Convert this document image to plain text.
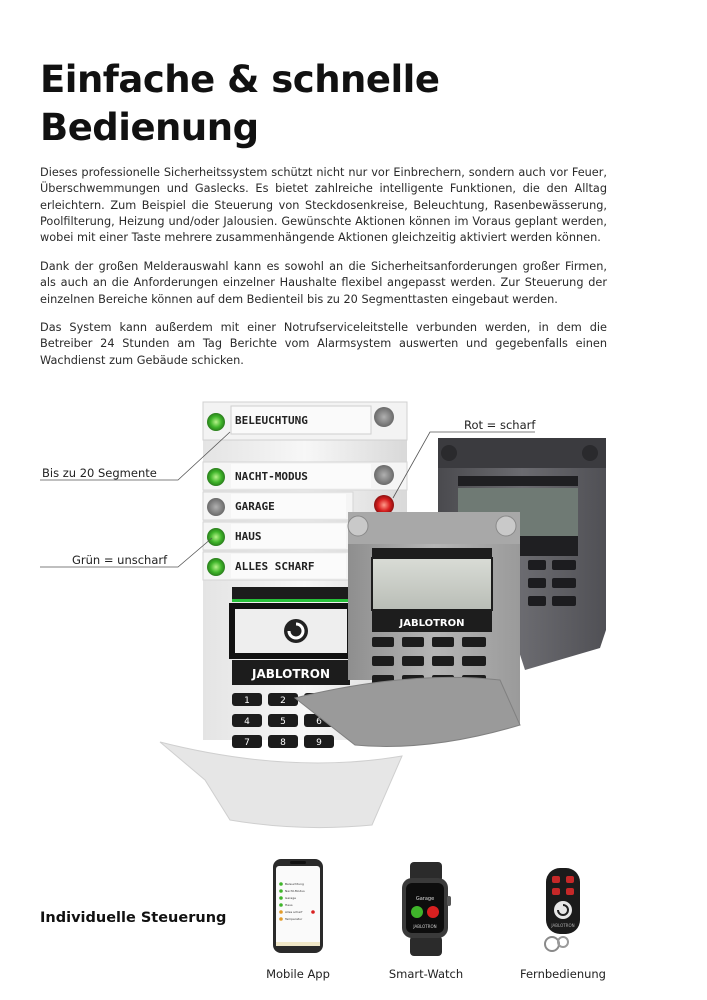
Einfache & schnelle
Bedienung

Dieses professionelle Sicherheitssystem schützt nicht nur vor Einbrechern, sondern auch vor Feuer, Überschwemmungen und Gaslecks. Es bietet zahlreiche intelligente Funktionen, die den Alltag erleichtern. Zum Beispiel die Steuerung von Steckdosenkreise, Beleuchtung, Rasenbewässerung, Poolfilterung, Heizung und/oder Jalousien. Gewünschte Aktionen können im Voraus geplant werden, wobei mit einer Taste mehrere zusammenhängende Aktionen gleichzeitig aktiviert werden können.

Dank der großen Melderauswahl kann es sowohl an die Sicherheitsanforderungen großer Firmen, als auch an die Anforderungen einzelner Haushalte flexibel angepasst werden. Zur Steuerung der einzelnen Bereiche können auf dem Bedienteil bis zu 20 Segmenttasten eingebaut werden.

Das System kann außerdem mit einer Notrufserviceleitstelle verbunden werden, in dem die Betreiber 24 Stunden am Tag Berichte vom Alarmsystem auswerten und gegebenfalls einen Wachdienst zum Gebäude schicken.

JABLOTRON
BELEUCHTUNG
NACHT-MODUS
GARAGE
HAUS
ALLES SCHARF
1	2
4	5	6
7	8	9
JABLOTRON
Bis zu 20 Segmente
Grün = unscharf
Rot = scharf

Individuelle Steuerung

Beleuchtung
Nacht-Modus
Garage
Haus
Alles scharf
Temperatur
Garage
JABLOTRON	JABLOTRON
Mobile App	Smart-Watch	Fernbedienung
